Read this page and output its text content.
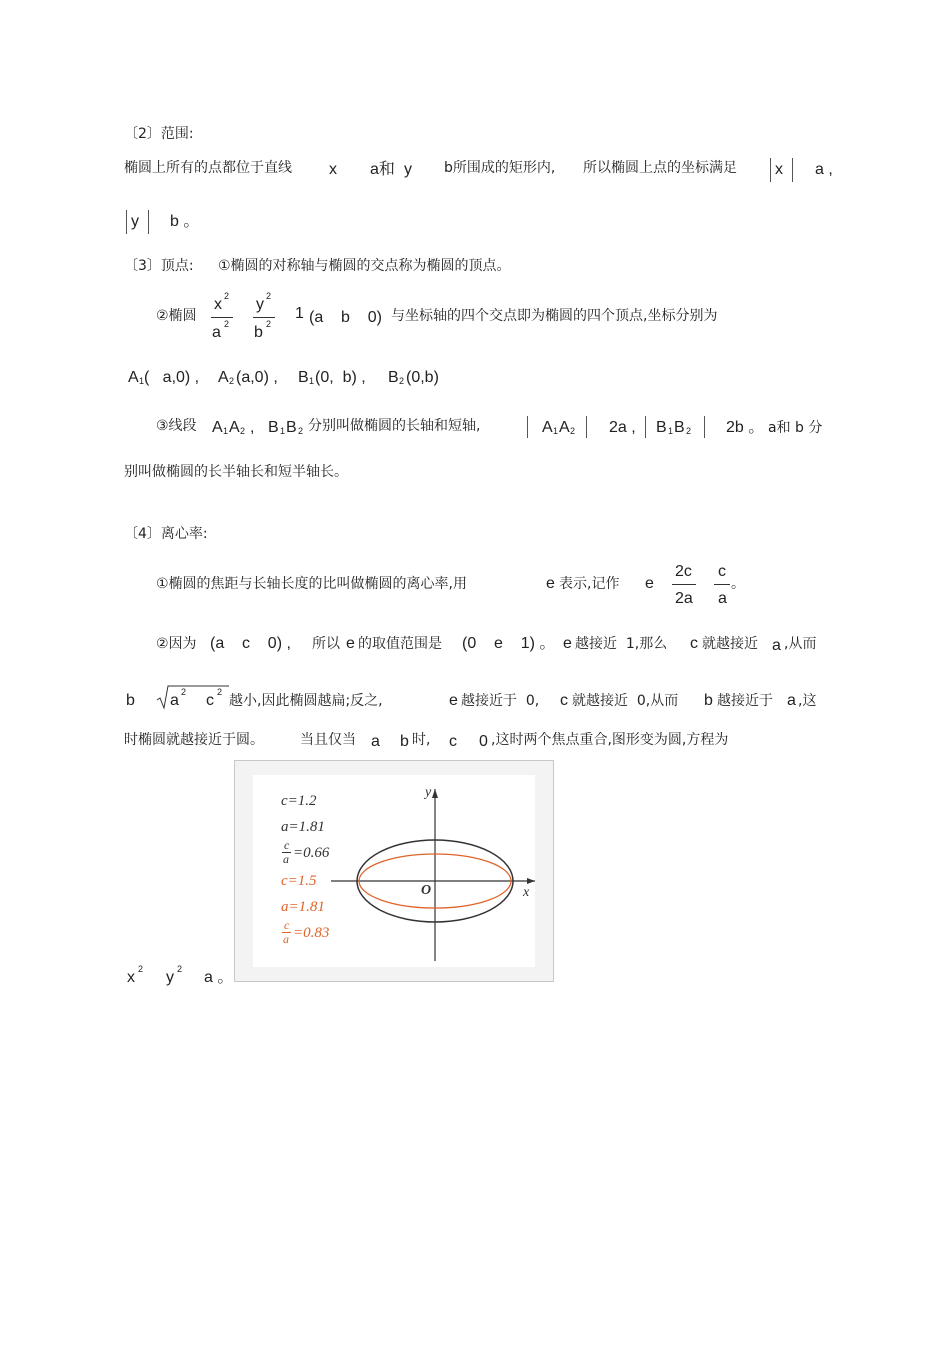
〔2〕范围:
椭圆上所有的点都位于直线 x a和 y b所围成的矩形内, 所以椭圆上点的坐标满足 x a ,
y b 。
〔3〕顶点: ①椭圆的对称轴与椭圆的交点称为椭圆的顶点。
②椭圆
x 2
a 2
y 2
b 2
1 (a    b    0) 与坐标轴的四个交点即为椭圆的四个顶点,坐标分别为
A 1 (   a,0) , A 2 (a,0) , B 1 (0,  b) , B 2 (0,b)
③线段 A 1 A 2 , B 1 B 2 分别叫做椭圆的长轴和短轴,	A 1 A 2 2a , B 1 B 2 2b 。 a和 b 分
别叫做椭圆的长半轴长和短半轴长。
〔4〕离心率:
①椭圆的焦距与长轴长度的比叫做椭圆的离心率,用	e 表示,记作 e
2c
2a
c
a
。
②因为 (a    c    0) , 所以 e 的取值范围是 (0    e    1) 。 e 越接近  1,那么 c 就越接近 a ,从而
b a 2 c 2
越小,因此椭圆越扁;反之,	e 越接近于  0, c 就越接近  0,从而 b 越接近于 a ,这
时椭圆就越接近于圆。	当且仅当 a b 时, c 0 ,这时两个焦点重合,图形变为圆,方程为
c=1.2
a=1.81
c
a =0.66
c=1.5
a=1.81
c
a =0.83
y
x
O
x 2 y 2 a 。
